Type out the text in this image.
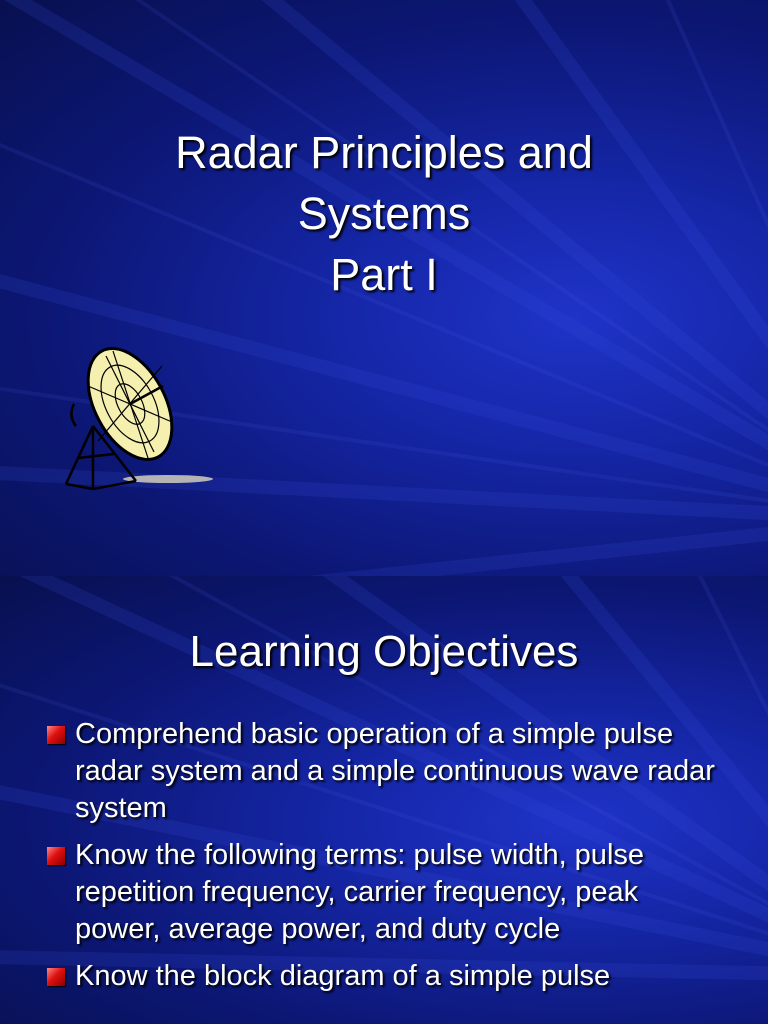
Radar Principles and
Systems
Part I
Learning Objectives
Comprehend basic operation of a simple pulse radar system and a simple continuous wave radar system
Know the following terms: pulse width, pulse repetition frequency, carrier frequency, peak power, average power, and duty cycle
Know the block diagram of a simple pulse
